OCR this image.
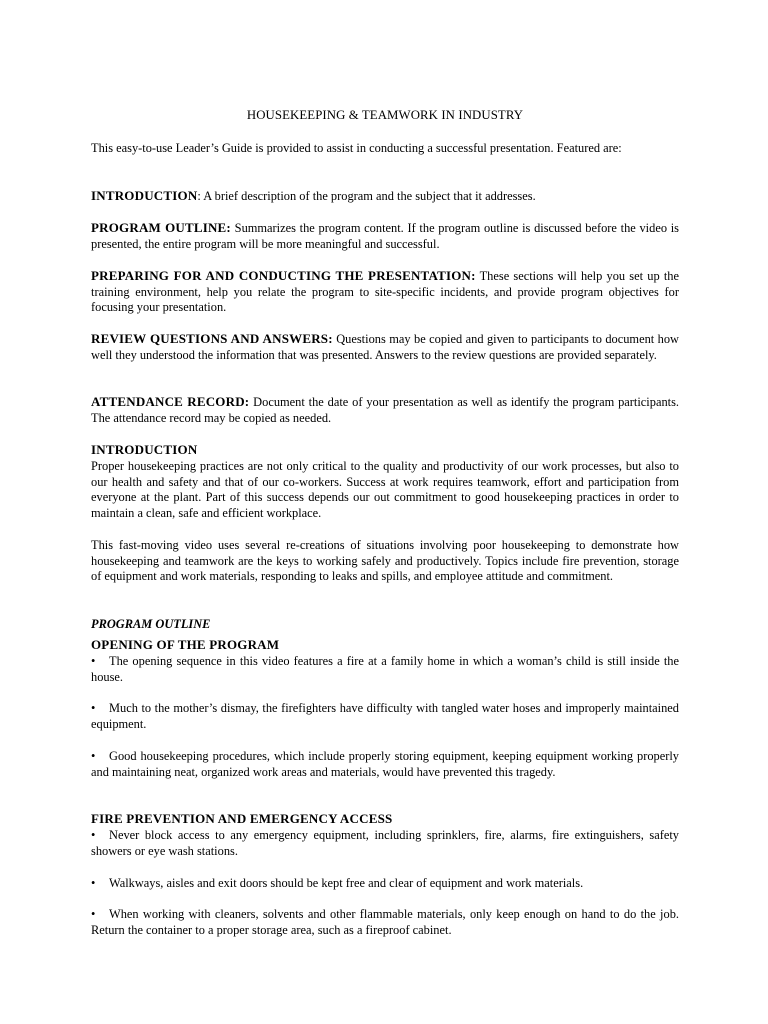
HOUSEKEEPING & TEAMWORK IN INDUSTRY
This easy-to-use Leader’s Guide is provided to assist in conducting a successful presentation. Featured are:
INTRODUCTION: A brief description of the program and the subject that it addresses.
PROGRAM OUTLINE: Summarizes the program content. If the program outline is discussed before the video is presented, the entire program will be more meaningful and successful.
PREPARING FOR AND CONDUCTING THE PRESENTATION: These sections will help you set up the training environment, help you relate the program to site-specific incidents, and provide program objectives for focusing your presentation.
REVIEW QUESTIONS AND ANSWERS: Questions may be copied and given to participants to document how well they understood the information that was presented. Answers to the review questions are provided separately.
ATTENDANCE RECORD: Document the date of your presentation as well as identify the program participants. The attendance record may be copied as needed.
INTRODUCTION
Proper housekeeping practices are not only critical to the quality and productivity of our work processes, but also to our health and safety and that of our co-workers. Success at work requires teamwork, effort and participation from everyone at the plant. Part of this success depends our out commitment to good housekeeping practices in order to maintain a clean, safe and efficient workplace.
This fast-moving video uses several re-creations of situations involving poor housekeeping to demonstrate how housekeeping and teamwork are the keys to working safely and productively. Topics include fire prevention, storage of equipment and work materials, responding to leaks and spills, and employee attitude and commitment.
PROGRAM OUTLINE
OPENING OF THE PROGRAM
• The opening sequence in this video features a fire at a family home in which a woman’s child is still inside the house.
• Much to the mother’s dismay, the firefighters have difficulty with tangled water hoses and improperly maintained equipment.
• Good housekeeping procedures, which include properly storing equipment, keeping equipment working properly and maintaining neat, organized work areas and materials, would have prevented this tragedy.
FIRE PREVENTION AND EMERGENCY ACCESS
• Never block access to any emergency equipment, including sprinklers, fire, alarms, fire extinguishers, safety showers or eye wash stations.
• Walkways, aisles and exit doors should be kept free and clear of equipment and work materials.
• When working with cleaners, solvents and other flammable materials, only keep enough on hand to do the job. Return the container to a proper storage area, such as a fireproof cabinet.
